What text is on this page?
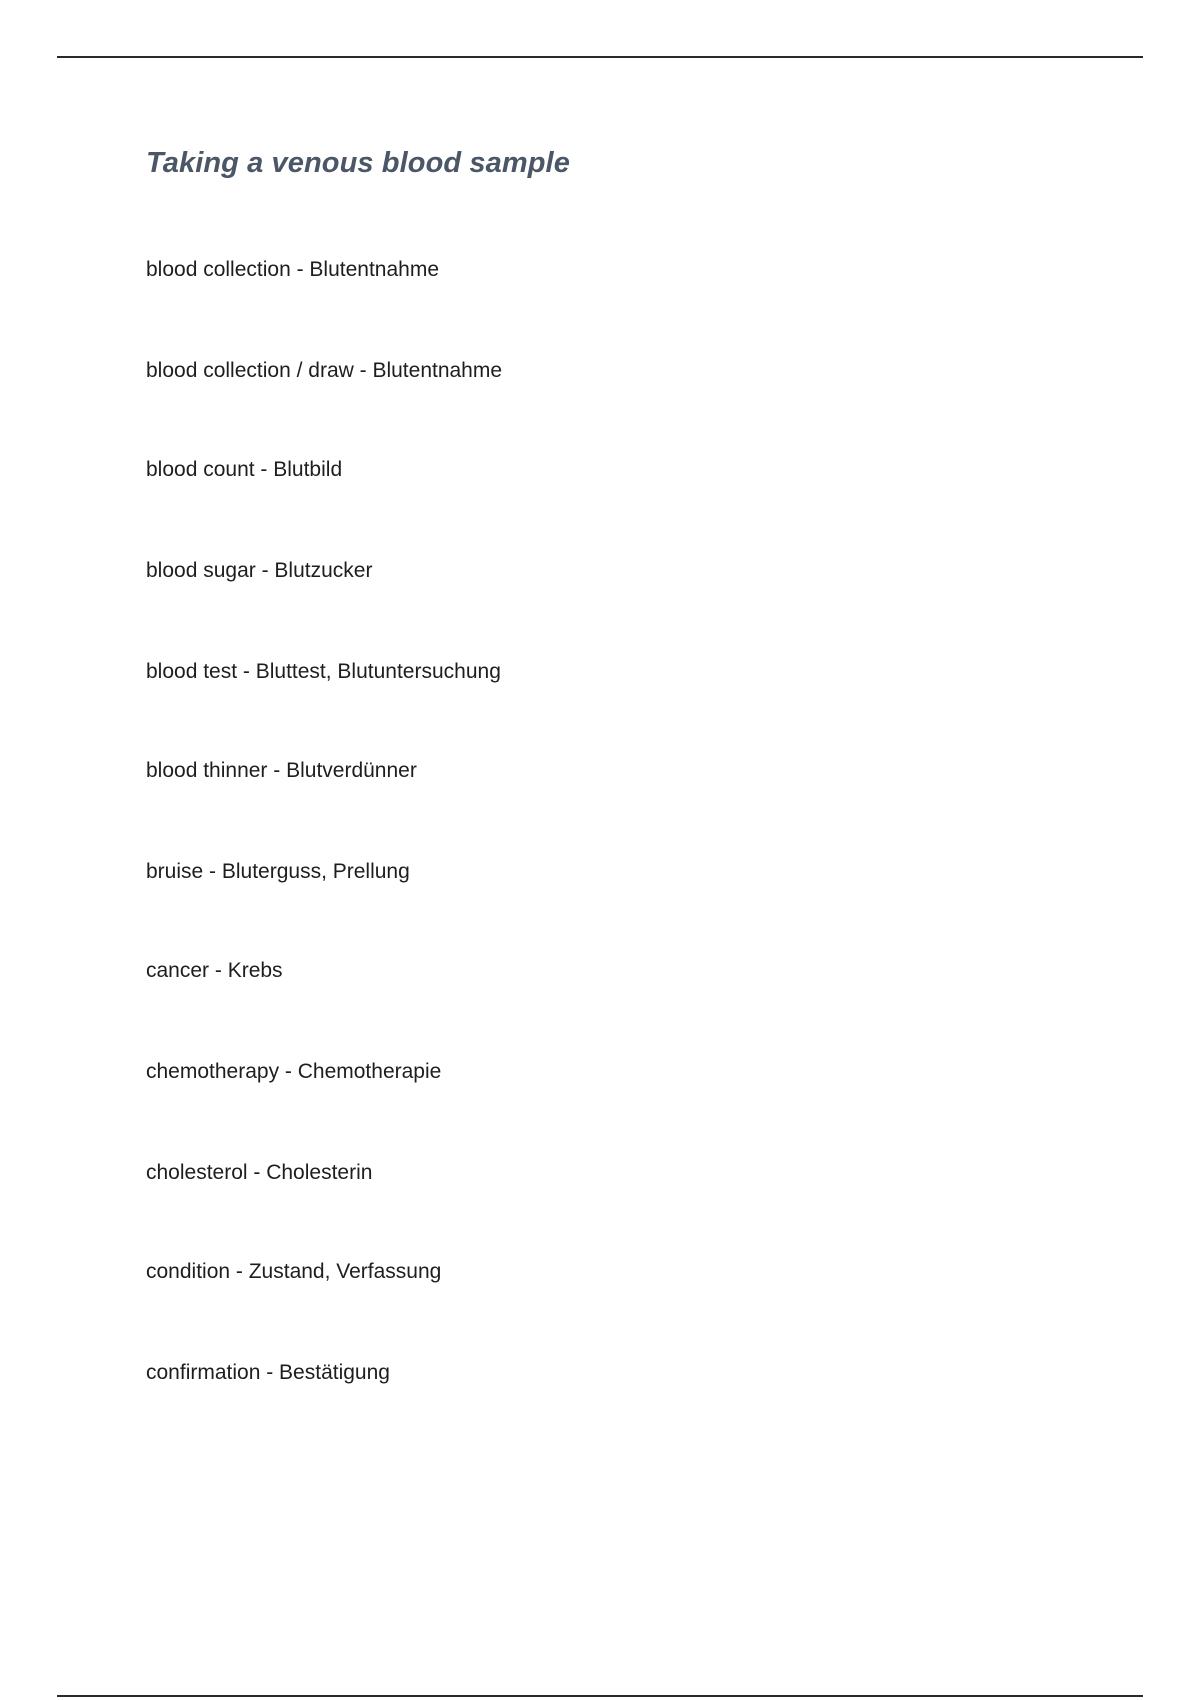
Taking a venous blood sample
blood collection - Blutentnahme
blood collection / draw - Blutentnahme
blood count - Blutbild
blood sugar - Blutzucker
blood test - Bluttest, Blutuntersuchung
blood thinner - Blutverdünner
bruise - Bluterguss, Prellung
cancer - Krebs
chemotherapy - Chemotherapie
cholesterol - Cholesterin
condition - Zustand, Verfassung
confirmation - Bestätigung
